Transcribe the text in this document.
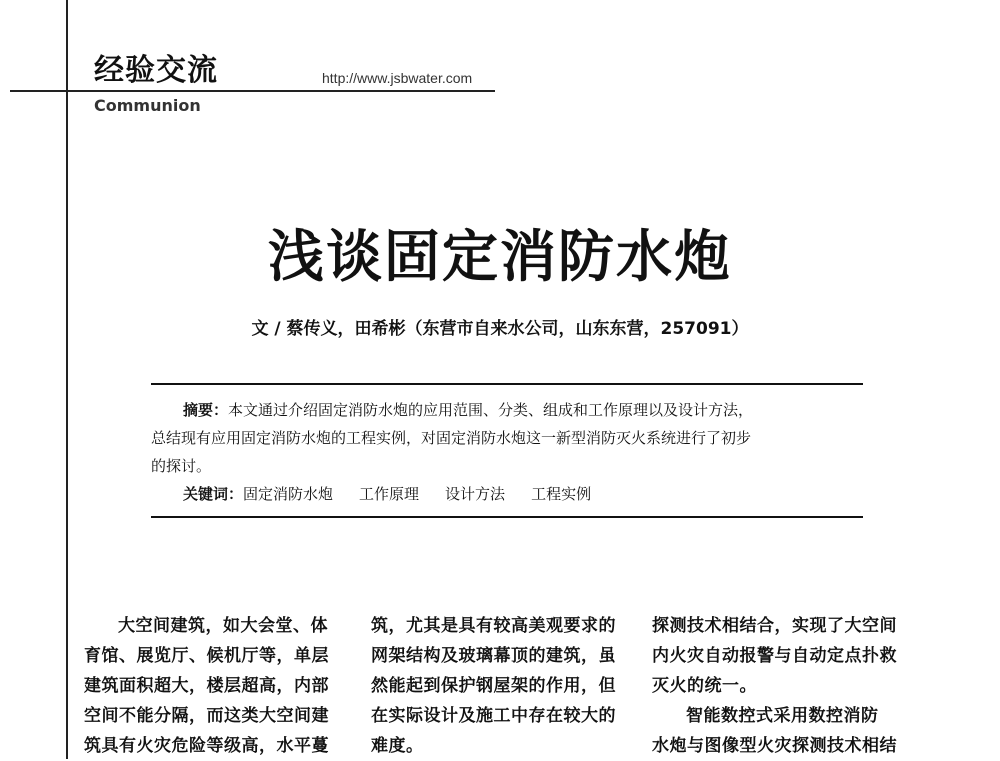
经验交流	http://www.jsbwater.com
Communion
浅谈固定消防水炮
文 / 蔡传义，田希彬（东营市自来水公司，山东东营，257091）

摘要：本文通过介绍固定消防水炮的应用范围、分类、组成和工作原理以及设计方法，

总结现有应用固定消防水炮的工程实例，对固定消防水炮这一新型消防灭火系统进行了初步

的探讨。

关键词：固定消防水炮 工作原理 设计方法 工程实例

大空间建筑，如大会堂、体

育馆、展览厅、候机厅等，单层

建筑面积超大，楼层超高，内部

空间不能分隔，而这类大空间建

筑具有火灾危险等级高，水平蔓

筑，尤其是具有较高美观要求的

网架结构及玻璃幕顶的建筑，虽

然能起到保护钢屋架的作用，但

在实际设计及施工中存在较大的

难度。

探测技术相结合，实现了大空间

内火灾自动报警与自动定点扑救

灭火的统一。

智能数控式采用数控消防

水炮与图像型火灾探测技术相结
